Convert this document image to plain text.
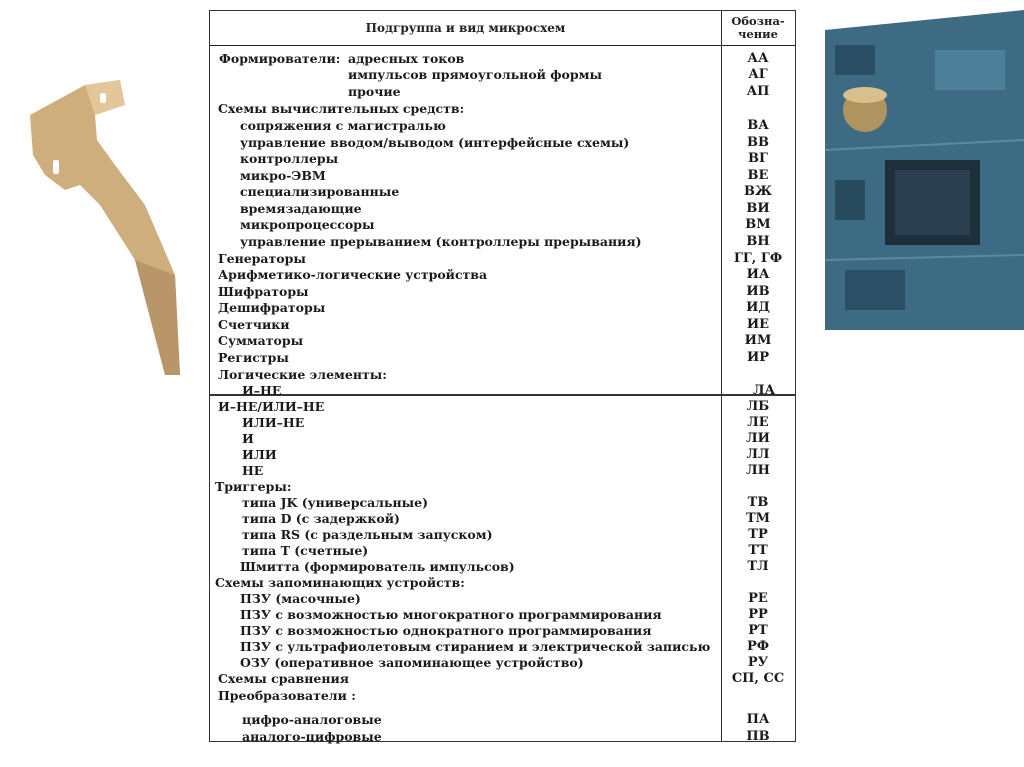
Подгруппа и вид микросхем	Обозна-
чение
Формирователи: адресных токов	АА
импульсов прямоугольной формы	АГ
прочие	АП
Схемы вычислительных средств:
сопряжения с магистралью	ВА
управление вводом/выводом (интерфейсные схемы)	ВВ
контроллеры	ВГ
микро-ЭВМ	ВЕ
специализированные	ВЖ
времязадающие	ВИ
микропроцессоры	ВМ
управление прерыванием (контроллеры прерывания)	ВН
Генераторы	ГГ, ГФ
Арифметико-логические устройства	ИА
Шифраторы	ИВ
Дешифраторы	ИД
Счетчики	ИЕ
Сумматоры	ИМ
Регистры	ИР
Логические элементы:
И–НЕ	ЛА
И–НЕ/ИЛИ–НЕ	ЛБ
ИЛИ–НЕ	ЛЕ
И	ЛИ
ИЛИ	ЛЛ
НЕ	ЛН
Триггеры:
типа JK (универсальные)	ТВ
типа D (с задержкой)	ТМ
типа RS (с раздельным запуском)	ТР
типа T (счетные)	ТТ
Шмитта (формирователь импульсов)	ТЛ
Схемы запоминающих устройств:
ПЗУ (масочные)	РЕ
ПЗУ с возможностью многократного программирования	РР
ПЗУ с возможностью однократного программирования	РТ
ПЗУ с ультрафиолетовым стиранием и электрической записью	РФ
ОЗУ (оперативное запоминающее устройство)	РУ
Схемы сравнения	СП, СС
Преобразователи :
цифро-аналоговые	ПА
аналого-цифровые	ПВ
